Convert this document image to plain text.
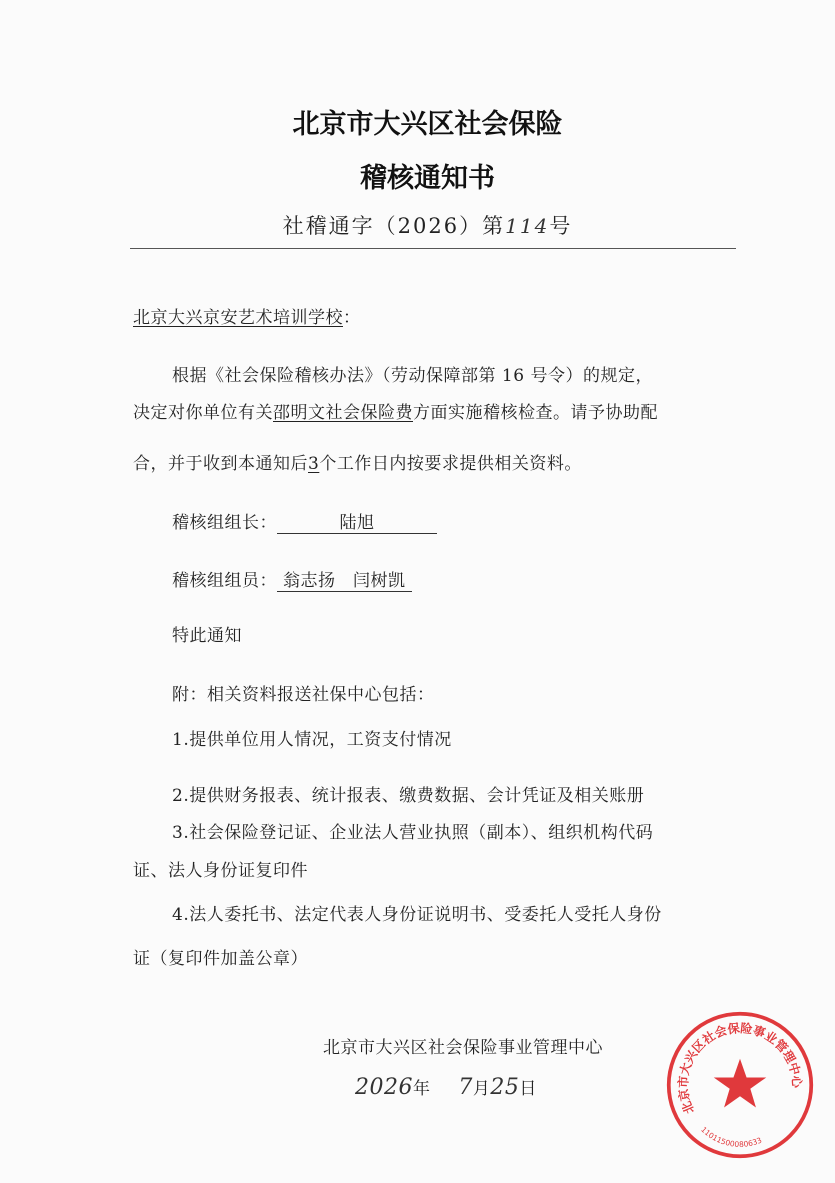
北京市大兴区社会保险
稽核通知书
社稽通字（2026）第114号
北京大兴京安艺术培训学校：
根据《社会保险稽核办法》（劳动保障部第 16 号令）的规定，
决定对你单位有关邵明文社会保险费方面实施稽核检查。请予协助配
合，并于收到本通知后3个工作日内按要求提供相关资料。
稽核组组长：	陆旭
稽核组组员： 翁志扬　闫树凯
特此通知
附：相关资料报送社保中心包括：
1.提供单位用人情况，工资支付情况
2.提供财务报表、统计报表、缴费数据、会计凭证及相关账册
3.社会保险登记证、企业法人营业执照（副本）、组织机构代码
证、法人身份证复印件
4.法人委托书、法定代表人身份证说明书、受委托人受托人身份
证（复印件加盖公章）
北京市大兴区社会保险事业管理中心
2026年 7月25日
北京市大兴区社会保险事业管理中心
11011500080633
